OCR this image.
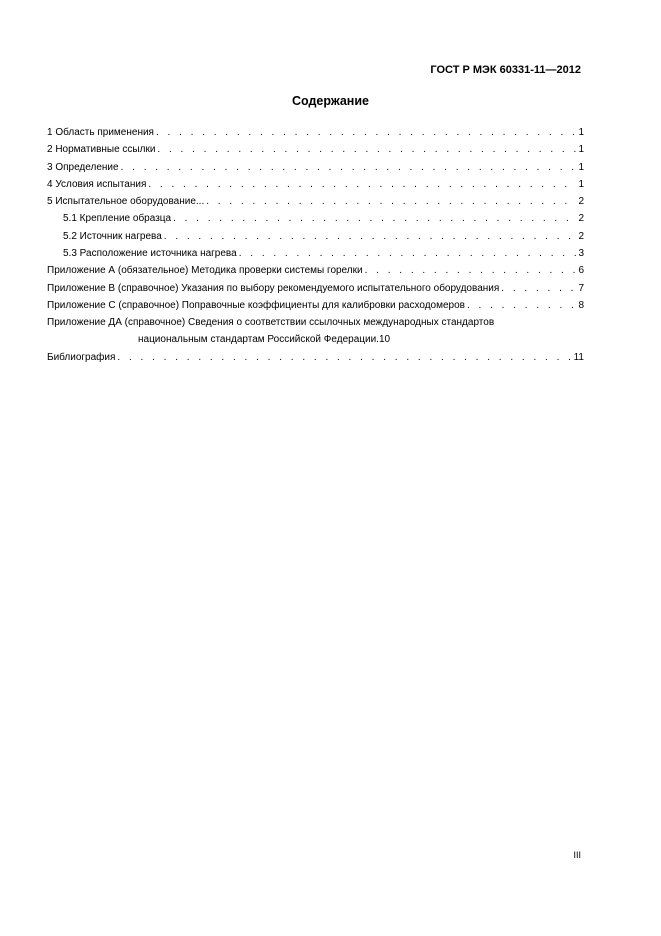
ГОСТ Р МЭК 60331-11—2012
Содержание
1 Область применения . . .	1
2 Нормативные ссылки . . .	1
3 Определение . . .	1
4 Условия испытания . . .	1
5 Испытательное оборудование... . . .	2
5.1 Крепление образца . . .	2
5.2 Источник нагрева . . .	2
5.3 Расположение источника нагрева . . .	3
Приложение А (обязательное) Методика проверки системы горелки . . .	6
Приложение В (справочное) Указания по выбору рекомендуемого испытательного оборудования . . .	7
Приложение С (справочное) Поправочные коэффициенты для калибровки расходомеров . . .	8
Приложение ДА (справочное) Сведения о соответствии ссылочных международных стандартов
национальным стандартам Российской Федерации. 10
Библиография . . .	11
III
